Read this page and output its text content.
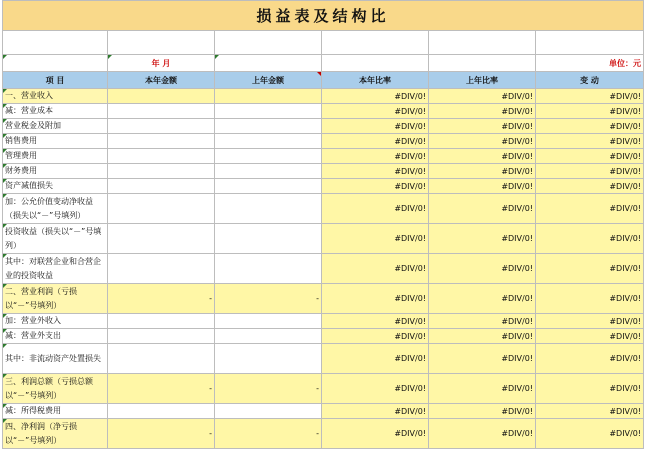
损益表及结构比					

	年 月				单位：元
项 目	本年金额	上年金额	本年比率	上年比率	变 动
一、营业收入			#DIV/0!	#DIV/0!	#DIV/0!
减：营业成本			#DIV/0!	#DIV/0!	#DIV/0!
营业税金及附加			#DIV/0!	#DIV/0!	#DIV/0!
销售费用			#DIV/0!	#DIV/0!	#DIV/0!
管理费用			#DIV/0!	#DIV/0!	#DIV/0!
财务费用			#DIV/0!	#DIV/0!	#DIV/0!
资产减值损失			#DIV/0!	#DIV/0!	#DIV/0!
加：公允价值变动净收益（损失以“－”号填列）			#DIV/0!	#DIV/0!	#DIV/0!
投资收益（损失以“－”号填列）			#DIV/0!	#DIV/0!	#DIV/0!
其中：对联营企业和合营企业的投资收益			#DIV/0!	#DIV/0!	#DIV/0!
二、营业利润（亏损以“－”号填列）	-	-	#DIV/0!	#DIV/0!	#DIV/0!
加：营业外收入			#DIV/0!	#DIV/0!	#DIV/0!
减：营业外支出			#DIV/0!	#DIV/0!	#DIV/0!
其中：非流动资产处置损失			#DIV/0!	#DIV/0!	#DIV/0!
三、利润总额（亏损总额以“－”号填列）	-	-	#DIV/0!	#DIV/0!	#DIV/0!
减：所得税费用			#DIV/0!	#DIV/0!	#DIV/0!
四、净利润（净亏损以“－”号填列）	-	-	#DIV/0!	#DIV/0!	#DIV/0!
